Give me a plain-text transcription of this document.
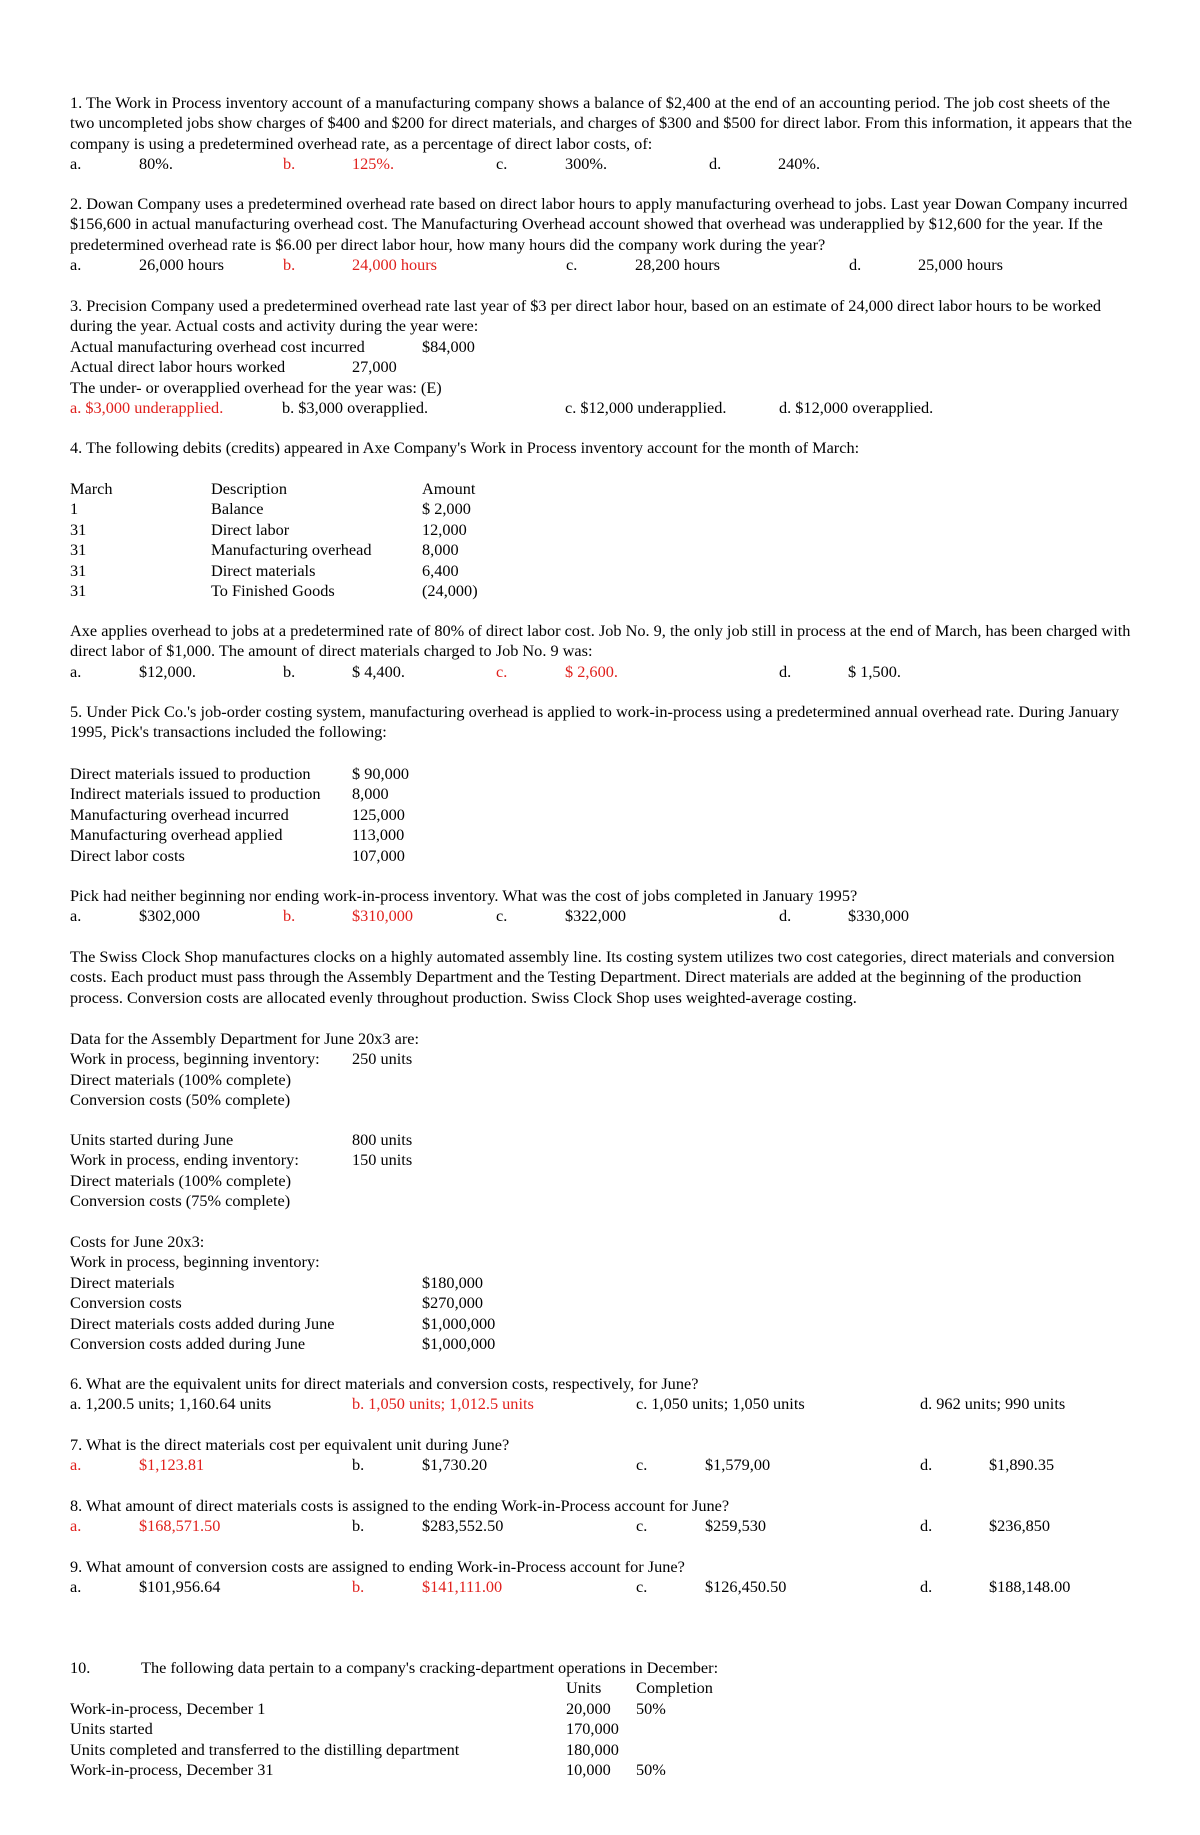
1. The Work in Process inventory account of a manufacturing company shows a balance of $2,400 at the end of an accounting period. The job cost sheets of the two uncompleted jobs show charges of $400 and $200 for direct materials, and charges of $300 and $500 for direct labor. From this information, it appears that the company is using a predetermined overhead rate, as a percentage of direct labor costs, of:

a.	80%.	b.	125%.	c.	300%.	d.	240%.

2. Dowan Company uses a predetermined overhead rate based on direct labor hours to apply manufacturing overhead to jobs. Last year Dowan Company incurred $156,600 in actual manufacturing overhead cost. The Manufacturing Overhead account showed that overhead was underapplied by $12,600 for the year. If the predetermined overhead rate is $6.00 per direct labor hour, how many hours did the company work during the year?

a.	26,000 hours	b.	24,000 hours	c.	28,200 hours	d.	25,000 hours

3. Precision Company used a predetermined overhead rate last year of $3 per direct labor hour, based on an estimate of 24,000 direct labor hours to be worked during the year. Actual costs and activity during the year were:

Actual manufacturing overhead cost incurred	$84,000
Actual direct labor hours worked	27,000
The under- or overapplied overhead for the year was: (E)
a. $3,000 underapplied.	b. $3,000 overapplied.	c. $12,000 underapplied.	d. $12,000 overapplied.

4. The following debits (credits) appeared in Axe Company's Work in Process inventory account for the month of March:

March	Description	Amount
1	Balance	$ 2,000
31	Direct labor	12,000
31	Manufacturing overhead	8,000
31	Direct materials	6,400
31	To Finished Goods	(24,000)

Axe applies overhead to jobs at a predetermined rate of 80% of direct labor cost. Job No. 9, the only job still in process at the end of March, has been charged with direct labor of $1,000. The amount of direct materials charged to Job No. 9 was:

a.	$12,000.	b.	$ 4,400.	c.	$ 2,600.	d.	$ 1,500.

5. Under Pick Co.'s job-order costing system, manufacturing overhead is applied to work-in-process using a predetermined annual overhead rate. During January 1995, Pick's transactions included the following:

Direct materials issued to production	$ 90,000
Indirect materials issued to production 8,000
Manufacturing overhead incurred	125,000
Manufacturing overhead applied	113,000
Direct labor costs	107,000

Pick had neither beginning nor ending work-in-process inventory. What was the cost of jobs completed in January 1995?

a.	$302,000	b.	$310,000	c.	$322,000	d.	$330,000

The Swiss Clock Shop manufactures clocks on a highly automated assembly line. Its costing system utilizes two cost categories, direct materials and conversion costs. Each product must pass through the Assembly Department and the Testing Department. Direct materials are added at the beginning of the production process. Conversion costs are allocated evenly throughout production. Swiss Clock Shop uses weighted-average costing.

Data for the Assembly Department for June 20x3 are:
Work in process, beginning inventory: 250 units
Direct materials (100% complete)
Conversion costs (50% complete)
Units started during June	800 units
Work in process, ending inventory:	150 units
Direct materials (100% complete)
Conversion costs (75% complete)
Costs for June 20x3:
Work in process, beginning inventory:
Direct materials	$180,000
Conversion costs	$270,000
Direct materials costs added during June	$1,000,000
Conversion costs added during June	$1,000,000
6. What are the equivalent units for direct materials and conversion costs, respectively, for June?
a. 1,200.5 units; 1,160.64 units	b. 1,050 units; 1,012.5 units	c. 1,050 units; 1,050 units	d. 962 units; 990 units
7. What is the direct materials cost per equivalent unit during June?
a.	$1,123.81	b.	$1,730.20	c.	$1,579,00	d.	$1,890.35
8. What amount of direct materials costs is assigned to the ending Work-in-Process account for June?
a.	$168,571.50	b.	$283,552.50	c.	$259,530	d.	$236,850
9. What amount of conversion costs are assigned to ending Work-in-Process account for June?
a.	$101,956.64	b.	$141,111.00	c.	$126,450.50	d.	$188,148.00
10.	The following data pertain to a company's cracking-department operations in December:
Units Completion
Work-in-process, December 1	20,000 50%
Units started	170,000
Units completed and transferred to the distilling department	180,000
Work-in-process, December 31	10,000 50%
